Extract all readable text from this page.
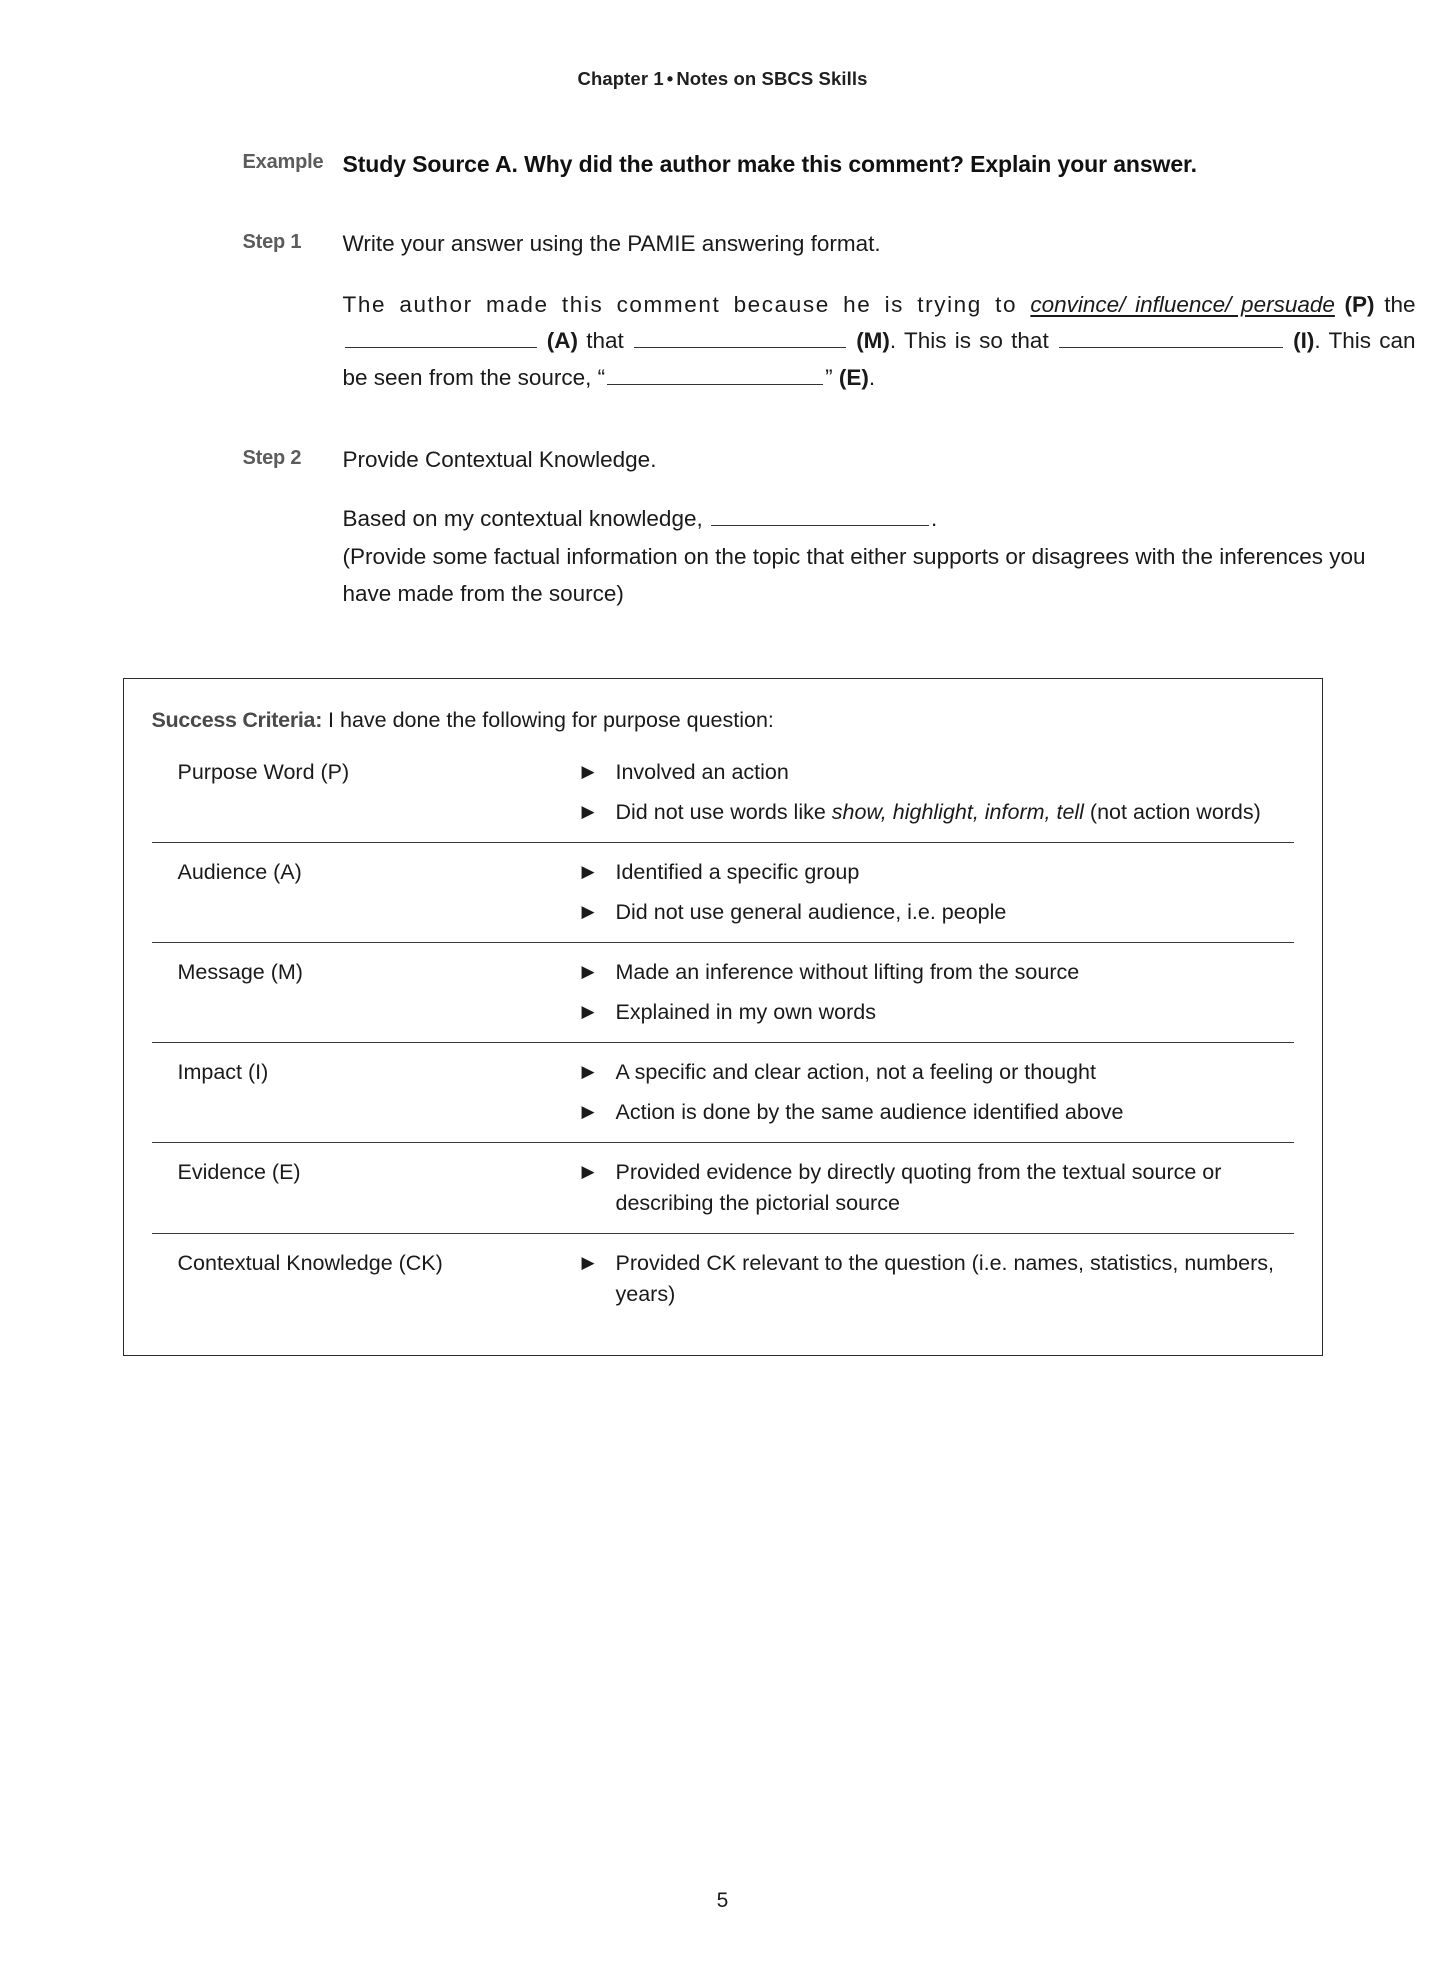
Chapter 1 • Notes on SBCS Skills
Example Study Source A. Why did the author make this comment? Explain your answer.
Step 1	Write your answer using the PAMIE answering format.
The author made this comment because he is trying to convince/ influence/ persuade (P) the  (A) that	(M). This is so that	(I). This can be seen from the source, “	” (E).
Step 2	Provide Contextual Knowledge.
Based on my contextual knowledge,	.
(Provide some factual information on the topic that either supports or disagrees with the inferences you have made from the source)
Success Criteria: I have done the following for purpose question:
Purpose Word (P)	▶ Involved an action
▶ Did not use words like show, highlight, inform, tell (not action words)

Audience (A)	▶ Identified a specific group
▶ Did not use general audience, i.e. people

Message (M)	▶ Made an inference without lifting from the source
▶ Explained in my own words

Impact (I)	▶ A specific and clear action, not a feeling or thought
▶ Action is done by the same audience identified above

Evidence (E)	▶ Provided evidence by directly quoting from the textual source or describing the pictorial source

Contextual Knowledge (CK)	▶ Provided CK relevant to the question (i.e. names, statistics, numbers, years)
5
